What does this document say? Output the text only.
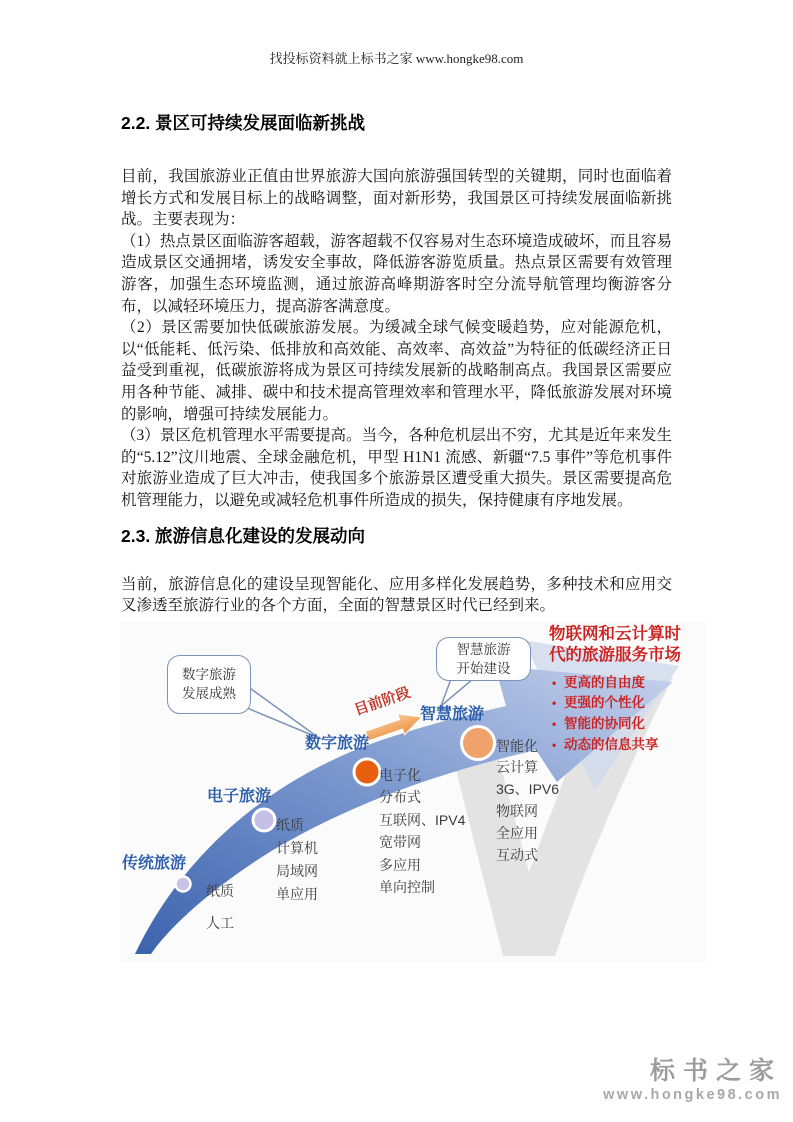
找投标资料就上标书之家 www.hongke98.com
2.2. 景区可持续发展面临新挑战

目前，我国旅游业正值由世界旅游大国向旅游强国转型的关键期，同时也面临着增长方式和发展目标上的战略调整，面对新形势，我国景区可持续发展面临新挑战。主要表现为：

（1）热点景区面临游客超载，游客超载不仅容易对生态环境造成破坏，而且容易造成景区交通拥堵，诱发安全事故，降低游客游览质量。热点景区需要有效管理游客，加强生态环境监测，通过旅游高峰期游客时空分流导航管理均衡游客分布，以减轻环境压力，提高游客满意度。

（2）景区需要加快低碳旅游发展。为缓减全球气候变暖趋势，应对能源危机，以“低能耗、低污染、低排放和高效能、高效率、高效益”为特征的低碳经济正日益受到重视，低碳旅游将成为景区可持续发展新的战略制高点。我国景区需要应用各种节能、减排、碳中和技术提高管理效率和管理水平，降低旅游发展对环境的影响，增强可持续发展能力。

（3）景区危机管理水平需要提高。当今，各种危机层出不穷，尤其是近年来发生的“5.12”汶川地震、全球金融危机，甲型 H1N1 流感、新疆“7.5 事件”等危机事件对旅游业造成了巨大冲击，使我国多个旅游景区遭受重大损失。景区需要提高危机管理能力，以避免或减轻危机事件所造成的损失，保持健康有序地发展。

2.3. 旅游信息化建设的发展动向

当前，旅游信息化的建设呈现智能化、应用多样化发展趋势，多种技术和应用交叉渗透至旅游行业的各个方面，全面的智慧景区时代已经到来。

传统旅游
电子旅游
数字旅游
智慧旅游
纸质
人工
纸质
计算机
局域网
单应用
电子化
分布式
互联网、IPV4
宽带网
多应用
单向控制
智能化
云计算
3G、IPV6
物联网
全应用
互动式
数字旅游
发展成熟
智慧旅游
开始建设
目前阶段
物联网和云计算时代的旅游服务市场
• 更高的自由度
• 更强的个性化
• 智能的协同化
• 动态的信息共享
标书之家
www.hongke98.com
